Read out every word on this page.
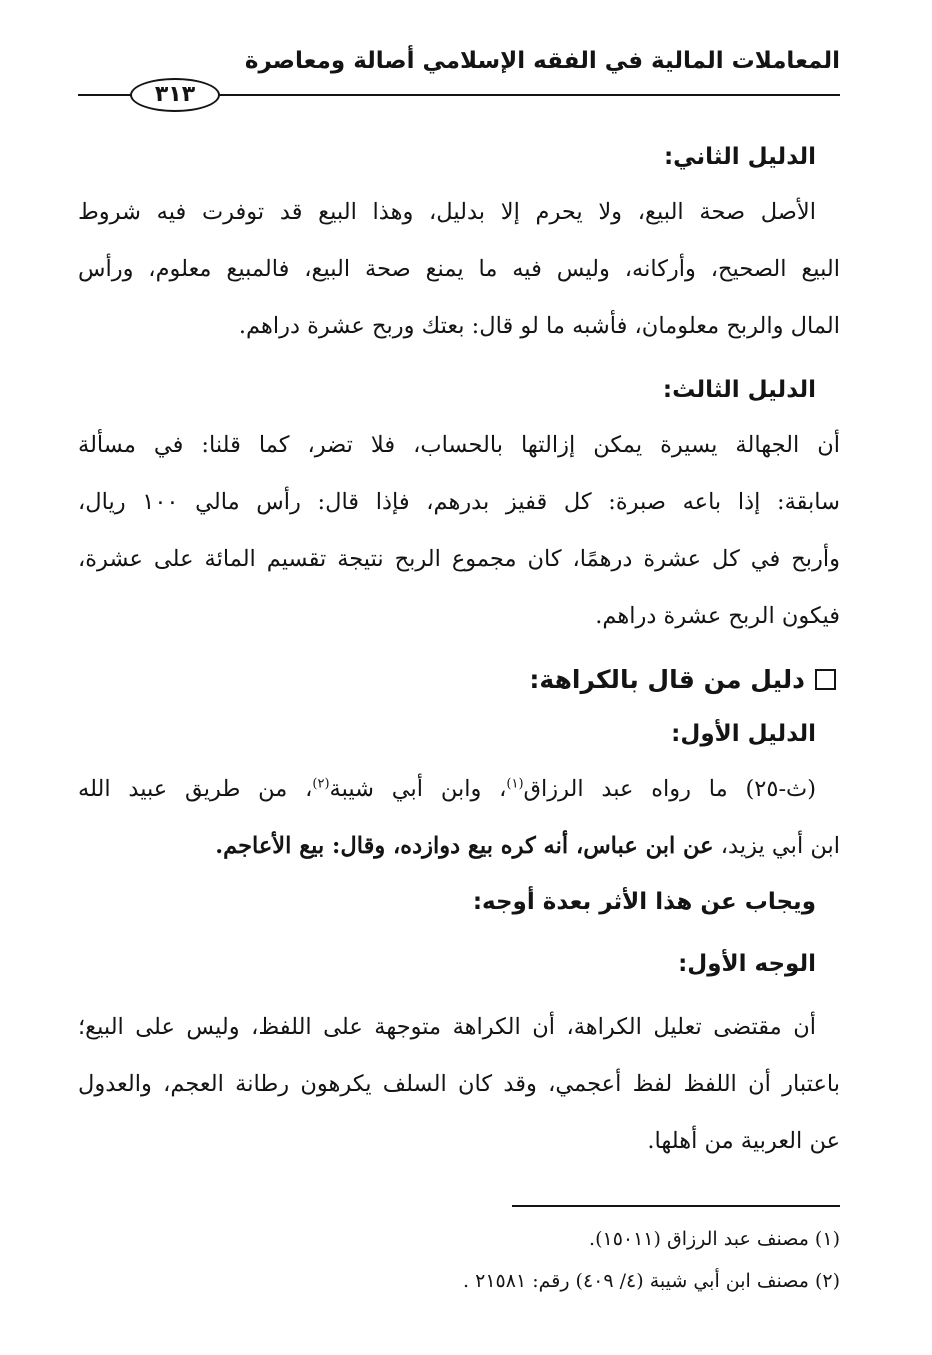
المعاملات المالية في الفقه الإسلامي أصالة ومعاصرة
٣١٣
الدليل الثاني:
الأصل صحة البيع، ولا يحرم إلا بدليل، وهذا البيع قد توفرت فيه شروط
البيع الصحيح، وأركانه، وليس فيه ما يمنع صحة البيع، فالمبيع معلوم، ورأس
المال والربح معلومان، فأشبه ما لو قال: بعتك وربح عشرة دراهم.
الدليل الثالث:
أن الجهالة يسيرة يمكن إزالتها بالحساب، فلا تضر، كما قلنا: في مسألة
سابقة: إذا باعه صبرة: كل قفيز بدرهم، فإذا قال: رأس مالي ١٠٠ ريال،
وأربح في كل عشرة درهمًا، كان مجموع الربح نتيجة تقسيم المائة على عشرة،
فيكون الربح عشرة دراهم.
دليل من قال بالكراهة:
الدليل الأول:
(ث-٢٥) ما رواه عبد الرزاق$^{(١)}$، وابن أبي شيبة$^{(٢)}$، من طريق عبيد الله
ابن أبي يزيد، عن ابن عباس، أنه كره بيع دوازده، وقال: بيع الأعاجم.
ويجاب عن هذا الأثر بعدة أوجه:
الوجه الأول:
أن مقتضى تعليل الكراهة، أن الكراهة متوجهة على اللفظ، وليس على البيع؛
باعتبار أن اللفظ لفظ أعجمي، وقد كان السلف يكرهون رطانة العجم، والعدول
عن العربية من أهلها.
(١) مصنف عبد الرزاق (١٥٠١١).
(٢) مصنف ابن أبي شيبة (٤/ ٤٠٩) رقم: ٢١٥٨١ .
